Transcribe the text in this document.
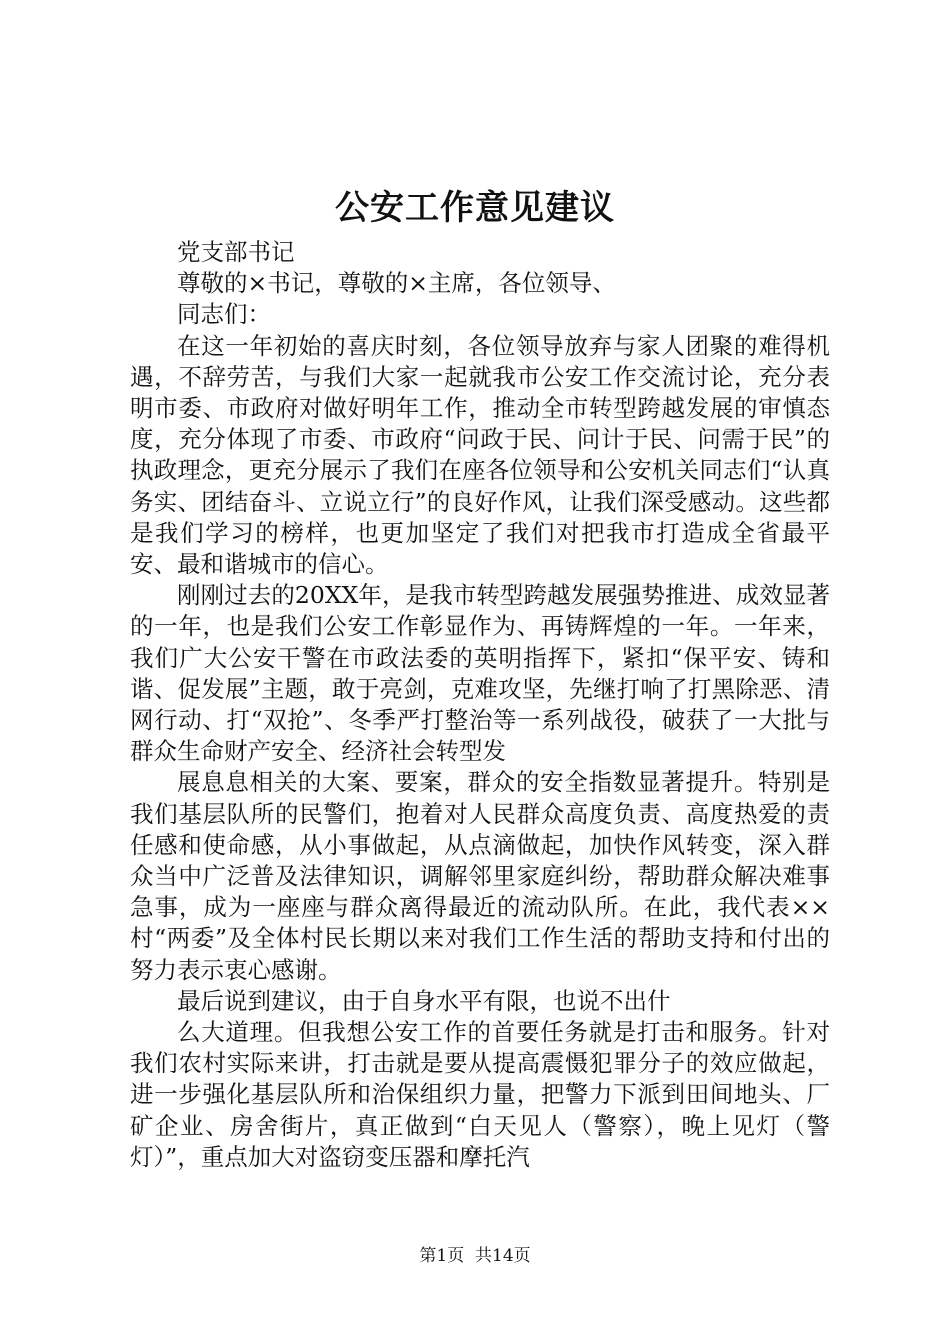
公安工作意见建议

党支部书记

尊敬的×书记，尊敬的×主席，各位领导、

同志们：

在这一年初始的喜庆时刻，各位领导放弃与家人团聚的难得机遇，不辞劳苦，与我们大家一起就我市公安工作交流讨论，充分表明市委、市政府对做好明年工作，推动全市转型跨越发展的审慎态度，充分体现了市委、市政府“问政于民、问计于民、问需于民”的执政理念，更充分展示了我们在座各位领导和公安机关同志们“认真务实、团结奋斗、立说立行”的良好作风，让我们深受感动。这些都是我们学习的榜样，也更加坚定了我们对把我市打造成全省最平安、最和谐城市的信心。

刚刚过去的20XX年，是我市转型跨越发展强势推进、成效显著的一年，也是我们公安工作彰显作为、再铸辉煌的一年。一年来，我们广大公安干警在市政法委的英明指挥下，紧扣“保平安、铸和谐、促发展”主题，敢于亮剑，克难攻坚，先继打响了打黑除恶、清网行动、打“双抢”、冬季严打整治等一系列战役，破获了一大批与群众生命财产安全、经济社会转型发

展息息相关的大案、要案，群众的安全指数显著提升。特别是我们基层队所的民警们，抱着对人民群众高度负责、高度热爱的责任感和使命感，从小事做起，从点滴做起，加快作风转变，深入群众当中广泛普及法律知识，调解邻里家庭纠纷，帮助群众解决难事急事，成为一座座与群众离得最近的流动队所。在此，我代表××村“两委”及全体村民长期以来对我们工作生活的帮助支持和付出的努力表示衷心感谢。

最后说到建议，由于自身水平有限，也说不出什

么大道理。但我想公安工作的首要任务就是打击和服务。针对我们农村实际来讲，打击就是要从提高震慑犯罪分子的效应做起，进一步强化基层队所和治保组织力量，把警力下派到田间地头、厂矿企业、房舍街片，真正做到“白天见人（警察），晚上见灯（警灯）”，重点加大对盗窃变压器和摩托汽

第1页  共14页
